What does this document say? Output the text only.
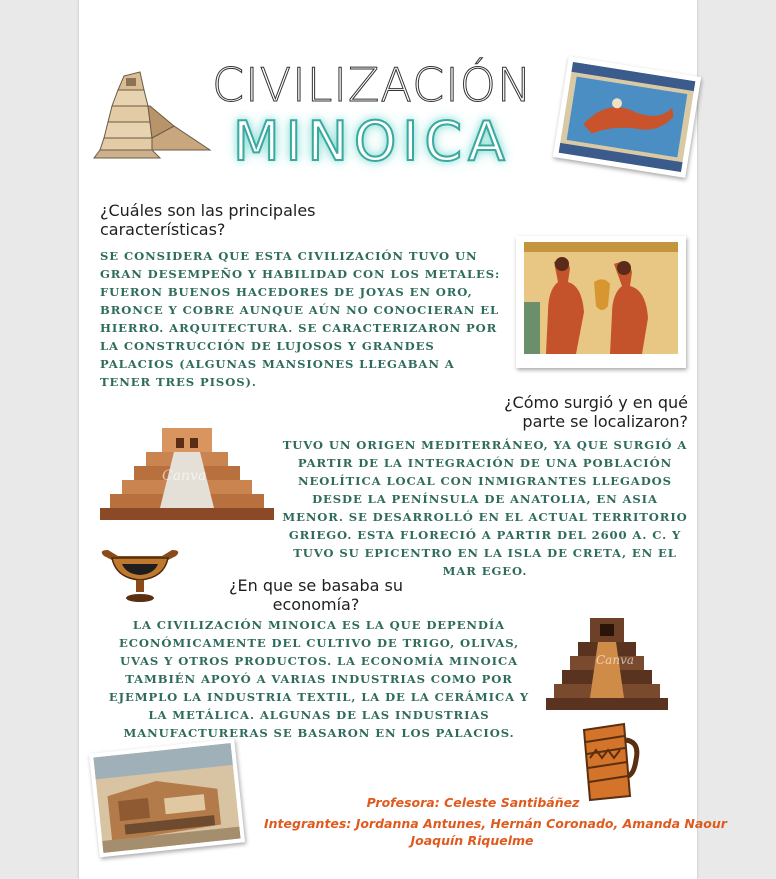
CIVILIZACIÓN
MINOICA
¿Cuáles son las principales características?
SE CONSIDERA QUE ESTA CIVILIZACIÓN TUVO UN GRAN DESEMPEÑO Y HABILIDAD CON LOS METALES: FUERON BUENOS HACEDORES DE JOYAS EN ORO, BRONCE Y COBRE AUNQUE AÚN NO CONOCIERAN EL HIERRO. ARQUITECTURA. SE CARACTERIZARON POR LA CONSTRUCCIÓN DE LUJOSOS Y GRANDES PALACIOS (ALGUNAS MANSIONES LLEGABAN A TENER TRES PISOS).
¿Cómo surgió y en qué parte se localizaron?
TUVO UN ORIGEN MEDITERRÁNEO, YA QUE SURGIÓ A PARTIR DE LA INTEGRACIÓN DE UNA POBLACIÓN NEOLÍTICA LOCAL CON INMIGRANTES LLEGADOS DESDE LA PENÍNSULA DE ANATOLIA, EN ASIA MENOR. SE DESARROLLÓ EN EL ACTUAL TERRITORIO GRIEGO. ESTA FLORECIÓ A PARTIR DEL 2600 A. C. Y TUVO SU EPICENTRO EN LA ISLA DE CRETA, EN EL MAR EGEO.
Canva
¿En que se basaba su economía?
LA CIVILIZACIÓN MINOICA ES LA QUE DEPENDÍA ECONÓMICAMENTE DEL CULTIVO DE TRIGO, OLIVAS, UVAS Y OTROS PRODUCTOS. LA ECONOMÍA MINOICA TAMBIÉN APOYÓ A VARIAS INDUSTRIAS COMO POR EJEMPLO LA INDUSTRIA TEXTIL, LA DE LA CERÁMICA Y LA METÁLICA. ALGUNAS DE LAS INDUSTRIAS MANUFACTURERAS SE BASARON EN LOS PALACIOS.
Canva
Profesora: Celeste Santibáñez
Integrantes: Jordanna Antunes, Hernán Coronado, Amanda Naour
Joaquín Riquelme
